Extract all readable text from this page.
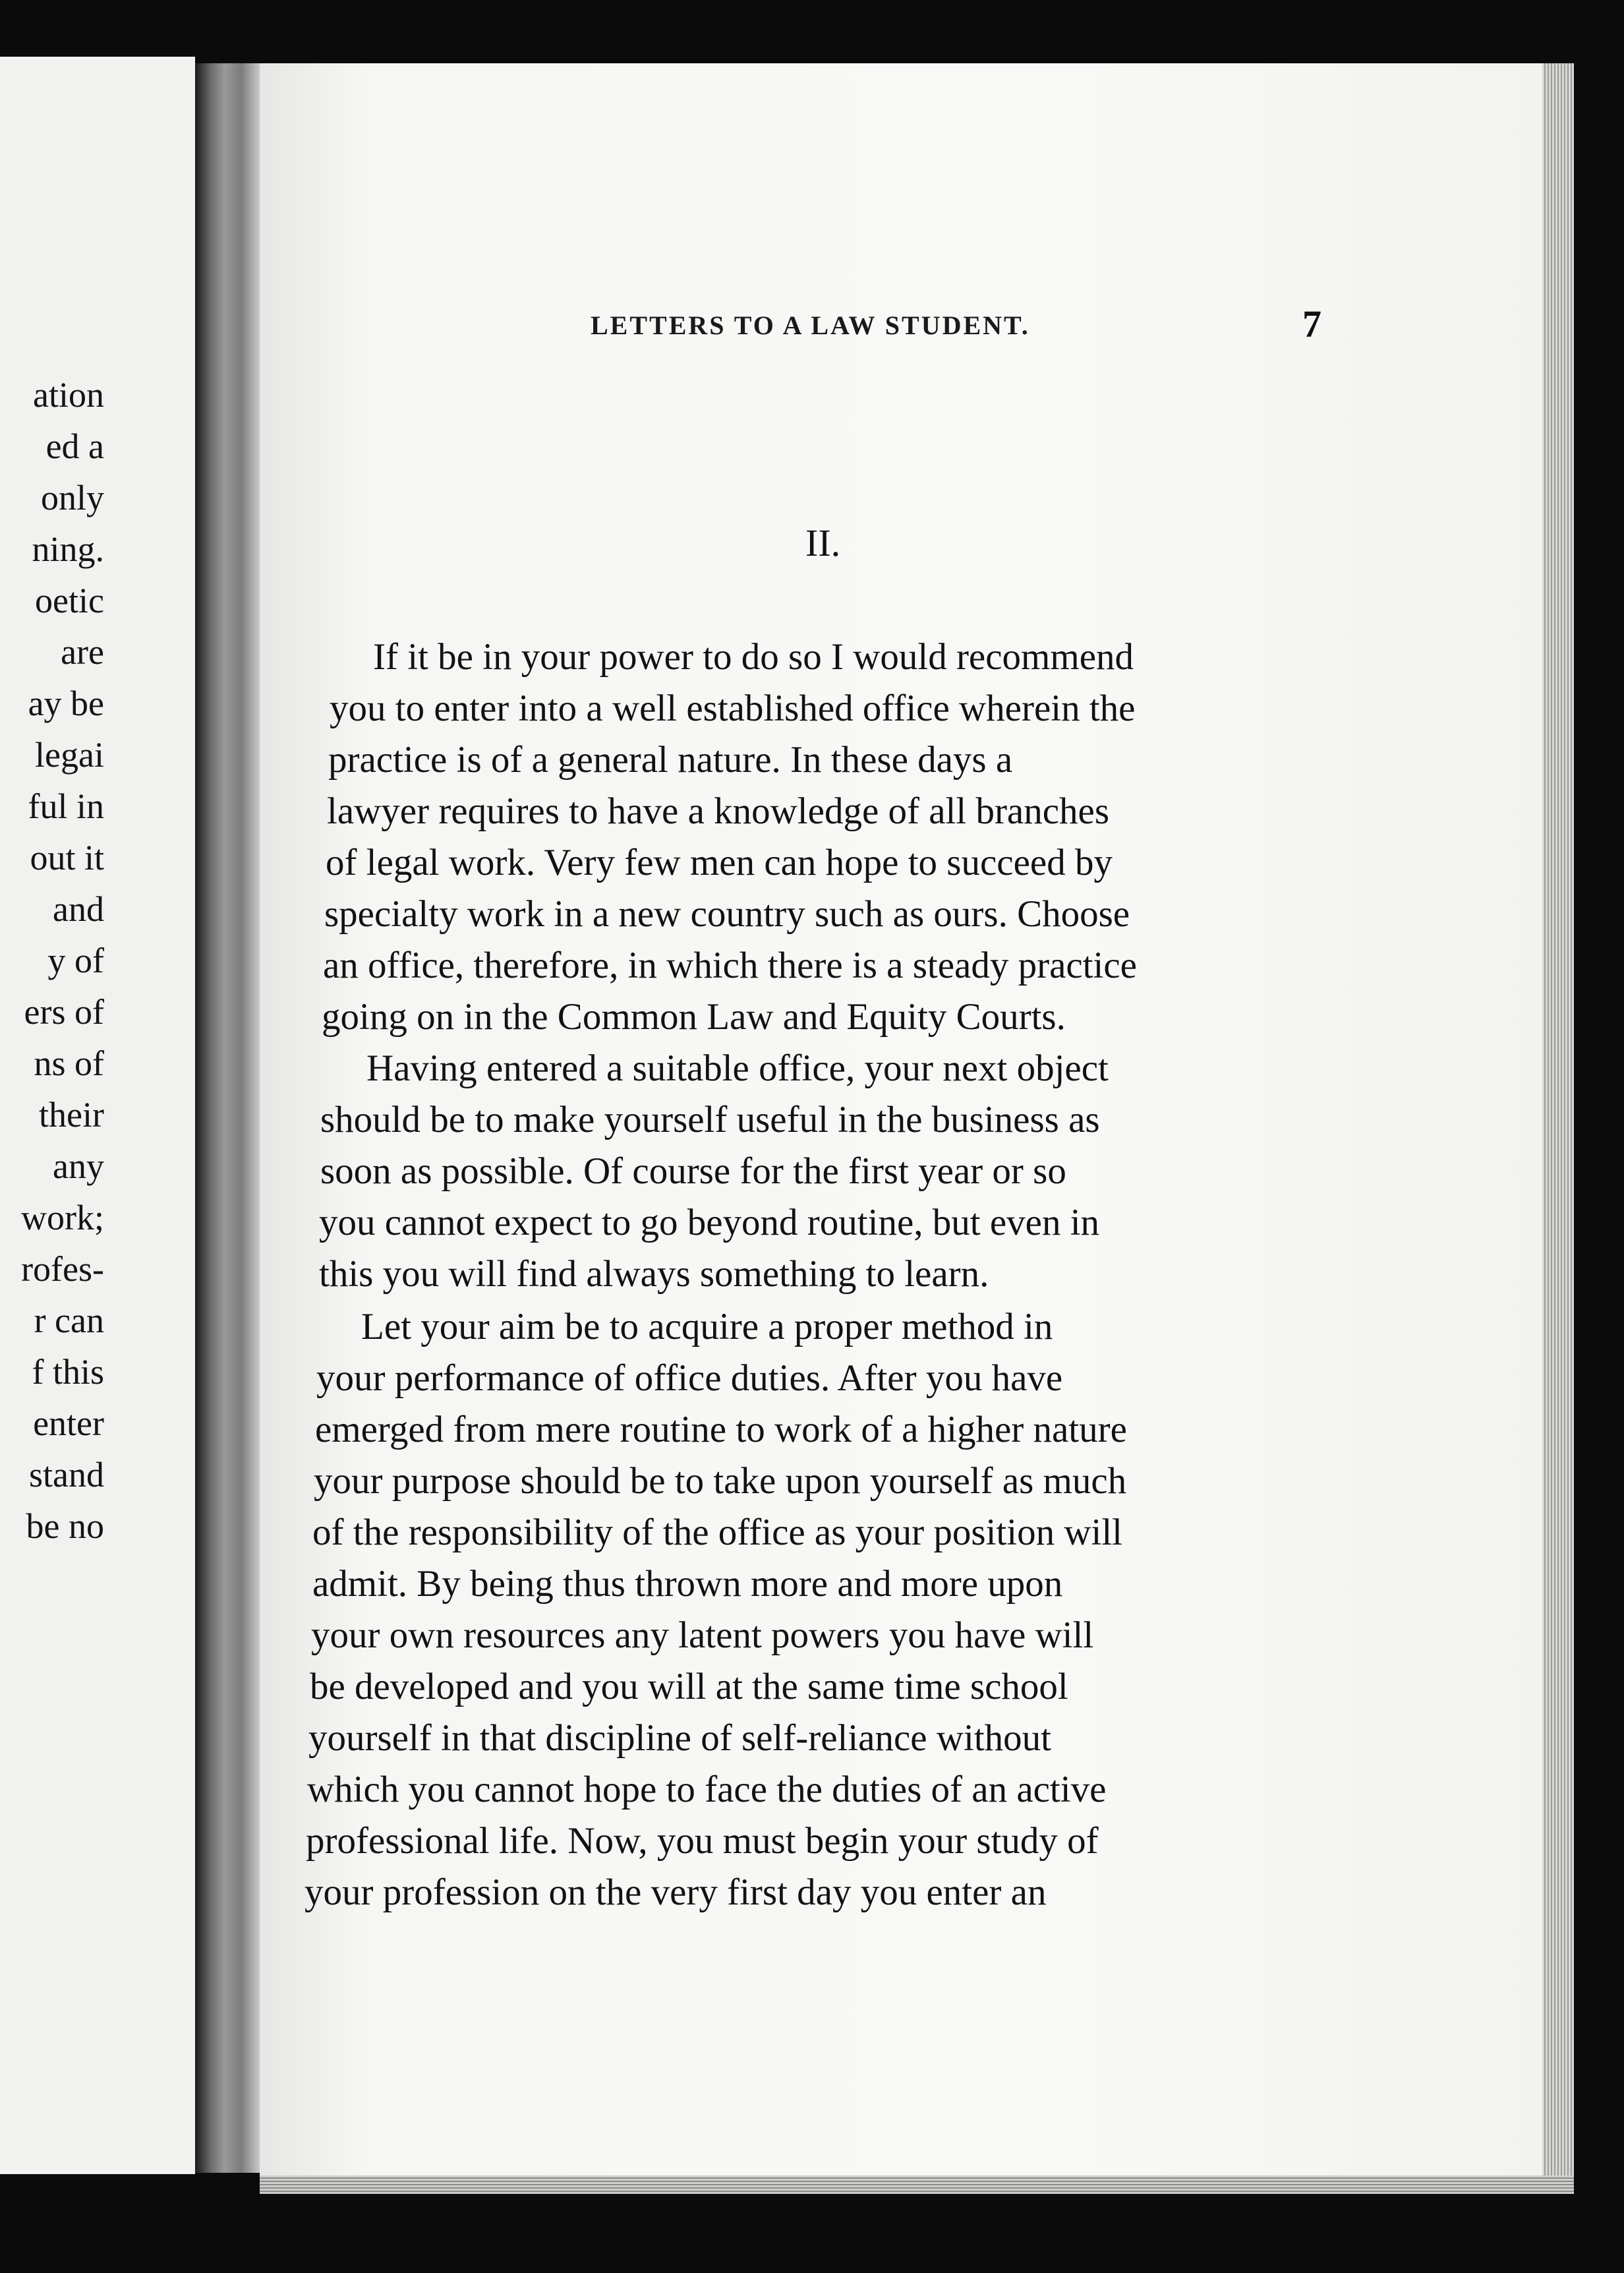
ation
ed a
only
ning.
oetic
are
ay be
legai
ful in
out it
and
y of
ers of
ns of
their
any
work;
rofes-
r can
f this
enter
stand
be no
LETTERS TO A LAW STUDENT.	7
II.
If it be in your power to do so I would recommend
you to enter into a well established office wherein the
practice is of a general nature. In these days a
lawyer requires to have a knowledge of all branches
of legal work. Very few men can hope to succeed by
specialty work in a new country such as ours. Choose
an office, therefore, in which there is a steady practice
going on in the Common Law and Equity Courts.
Having entered a suitable office, your next object
should be to make yourself useful in the business as
soon as possible. Of course for the first year or so
you cannot expect to go beyond routine, but even in
this you will find always something to learn.
Let your aim be to acquire a proper method in
your performance of office duties. After you have
emerged from mere routine to work of a higher nature
your purpose should be to take upon yourself as much
of the responsibility of the office as your position will
admit. By being thus thrown more and more upon
your own resources any latent powers you have will
be developed and you will at the same time school
yourself in that discipline of self-reliance without
which you cannot hope to face the duties of an active
professional life. Now, you must begin your study of
your profession on the very first day you enter an
